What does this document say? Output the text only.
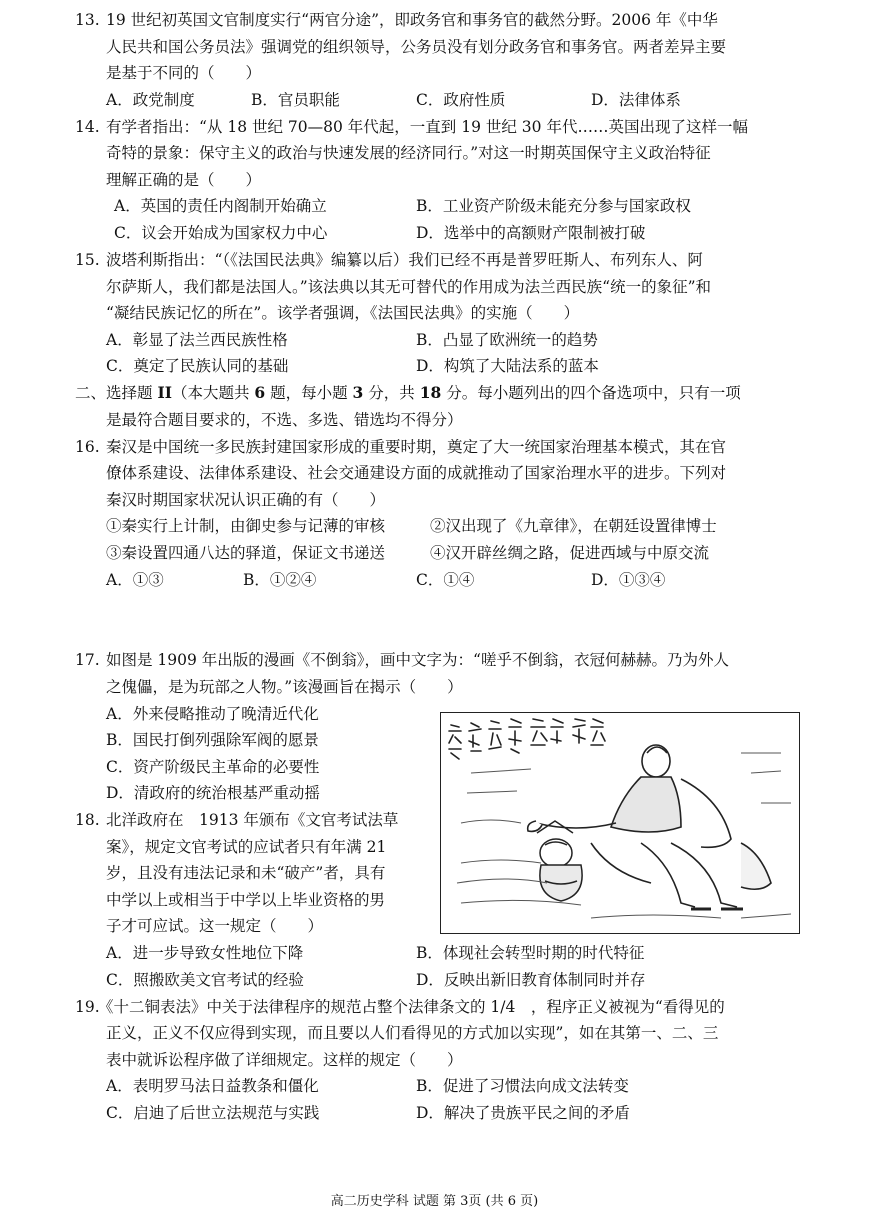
13. 19 世纪初英国文官制度实行“两官分途”，即政务官和事务官的截然分野。2006 年《中华
人民共和国公务员法》强调党的组织领导，公务员没有划分政务官和事务官。两者差异主要
是基于不同的（　　）
A．政党制度	B．官员职能	C．政府性质	D．法律体系
14. 有学者指出：“从 18 世纪 70—80 年代起，一直到 19 世纪 30 年代……英国出现了这样一幅
奇特的景象：保守主义的政治与快速发展的经济同行。”对这一时期英国保守主义政治特征
理解正确的是（　　）
A．英国的责任内阁制开始确立	B．工业资产阶级未能充分参与国家政权
C．议会开始成为国家权力中心	D．选举中的高额财产限制被打破
15. 波塔利斯指出：“（《法国民法典》编纂以后）我们已经不再是普罗旺斯人、布列东人、阿
尔萨斯人，我们都是法国人。”该法典以其无可替代的作用成为法兰西民族“统一的象征”和
“凝结民族记忆的所在”。该学者强调，《法国民法典》的实施（　　）
A．彰显了法兰西民族性格	B．凸显了欧洲统一的趋势
C．奠定了民族认同的基础	D．构筑了大陆法系的蓝本
二、选择题 II（本大题共 6 题，每小题 3 分，共 18 分。每小题列出的四个备选项中，只有一项
是最符合题目要求的，不选、多选、错选均不得分）
16. 秦汉是中国统一多民族封建国家形成的重要时期，奠定了大一统国家治理基本模式，其在官
僚体系建设、法律体系建设、社会交通建设方面的成就推动了国家治理水平的进步。下列对
秦汉时期国家状况认识正确的有（　　）
①秦实行上计制，由御史参与记薄的审核	②汉出现了《九章律》，在朝廷设置律博士
③秦设置四通八达的驿道，保证文书递送	④汉开辟丝绸之路，促进西域与中原交流
A．①③	B．①②④	C．①④	D．①③④
17. 如图是 1909 年出版的漫画《不倒翁》，画中文字为：“嗟乎不倒翁，衣冠何赫赫。乃为外人
之傀儡，是为玩部之人物。”该漫画旨在揭示（　　）
A．外来侵略推动了晚清近代化
B．国民打倒列强除军阀的愿景
C．资产阶级民主革命的必要性
D．清政府的统治根基严重动摇
18. 北洋政府在　1913 年颁布《文官考试法草
案》，规定文官考试的应试者只有年满 21
岁，且没有违法记录和未“破产”者，具有
中学以上或相当于中学以上毕业资格的男
子才可应试。这一规定（　　）
A．进一步导致女性地位下降	B．体现社会转型时期的时代特征
C．照搬欧美文官考试的经验	D．反映出新旧教育体制同时并存
19.
《十二铜表法》中关于法律程序的规范占整个法律条文的 1/4　，程序正义被视为“看得见的
正义，正义不仅应得到实现，而且要以人们看得见的方式加以实现”，如在其第一、二、三
表中就诉讼程序做了详细规定。这样的规定（　　）
A．表明罗马法日益教条和僵化	B．促进了习惯法向成文法转变
C．启迪了后世立法规范与实践	D．解决了贵族平民之间的矛盾
高二历史学科 试题 第 3页 (共 6 页)
